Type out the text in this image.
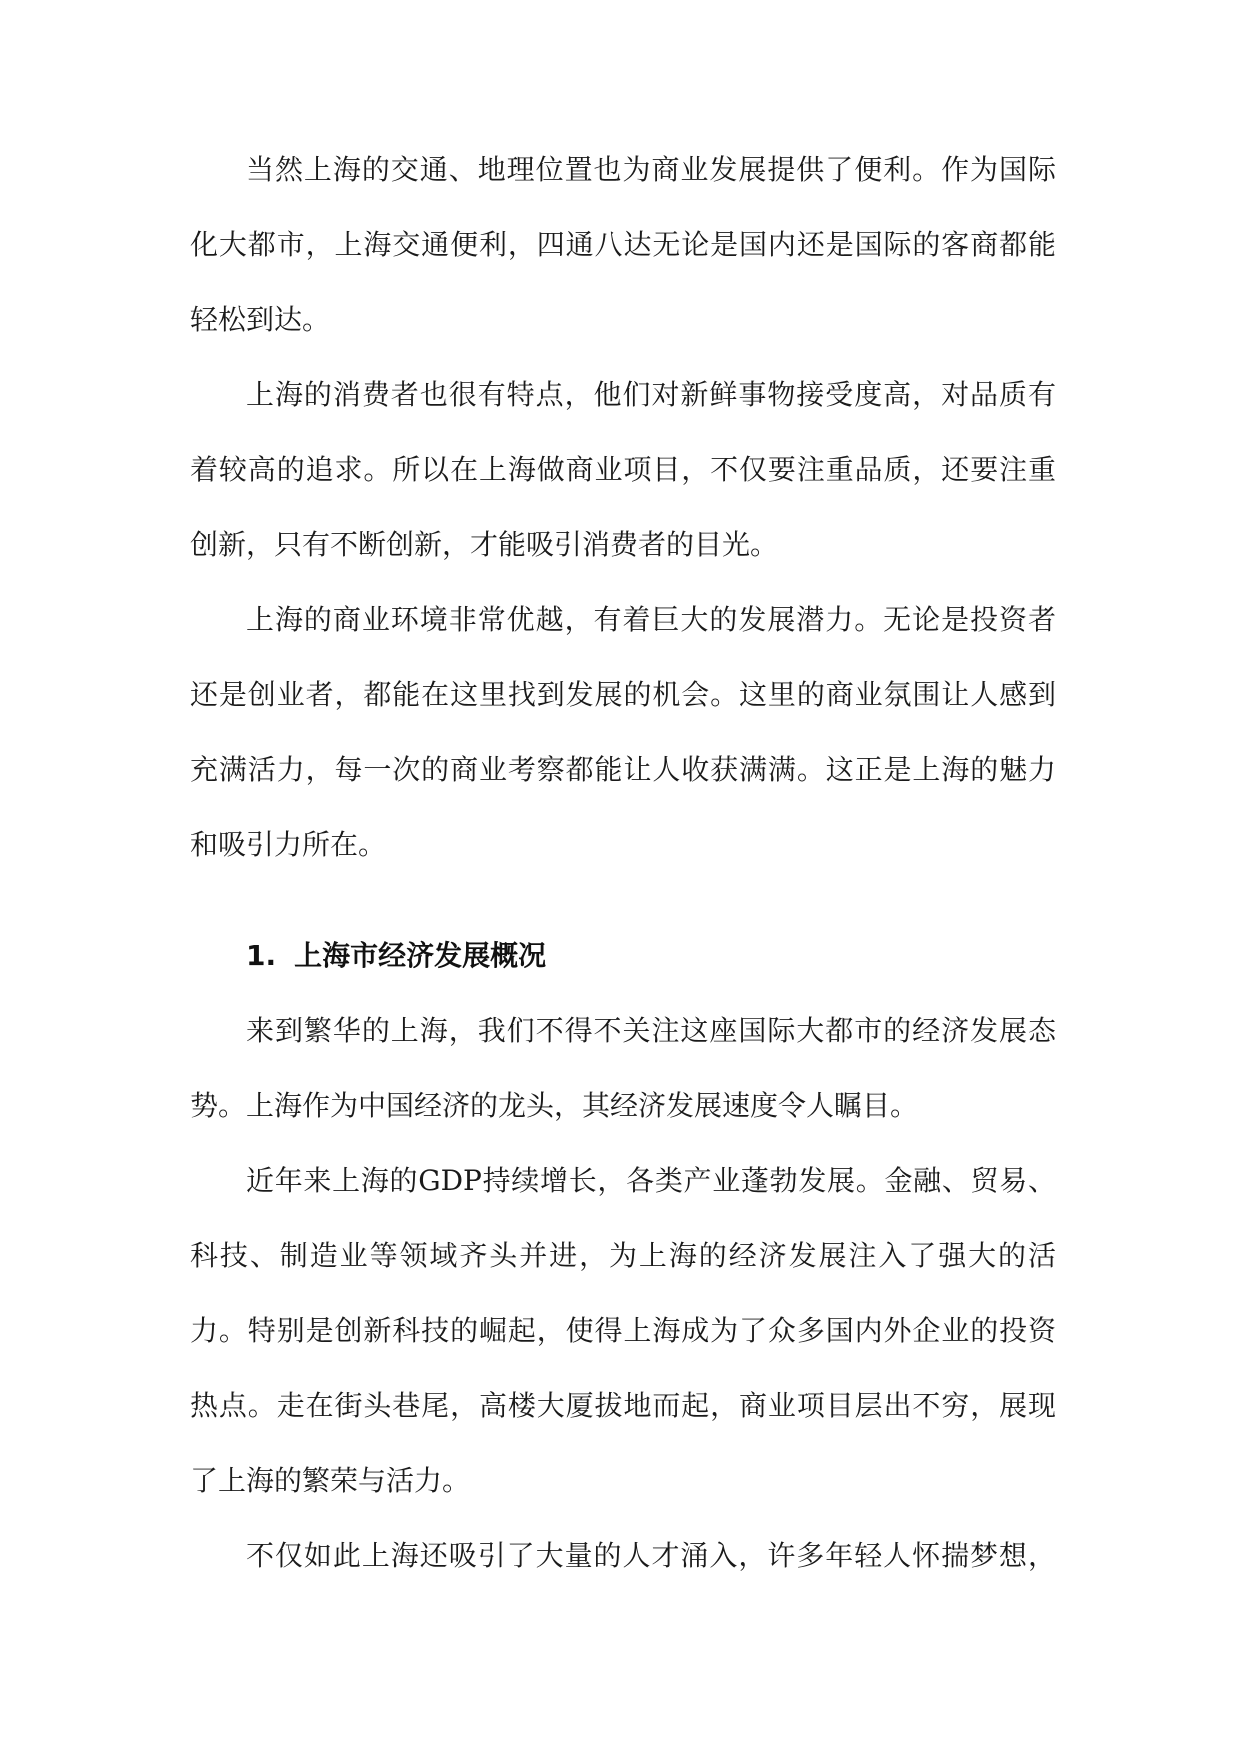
当然上海的交通、地理位置也为商业发展提供了便利。作为国际化大都市，上海交通便利，四通八达无论是国内还是国际的客商都能轻松到达。

上海的消费者也很有特点，他们对新鲜事物接受度高，对品质有着较高的追求。所以在上海做商业项目，不仅要注重品质，还要注重创新，只有不断创新，才能吸引消费者的目光。

上海的商业环境非常优越，有着巨大的发展潜力。无论是投资者还是创业者，都能在这里找到发展的机会。这里的商业氛围让人感到充满活力，每一次的商业考察都能让人收获满满。这正是上海的魅力和吸引力所在。

1. 上海市经济发展概况

来到繁华的上海，我们不得不关注这座国际大都市的经济发展态势。上海作为中国经济的龙头，其经济发展速度令人瞩目。

近年来上海的GDP持续增长，各类产业蓬勃发展。金融、贸易、科技、制造业等领域齐头并进，为上海的经济发展注入了强大的活力。特别是创新科技的崛起，使得上海成为了众多国内外企业的投资热点。走在街头巷尾，高楼大厦拔地而起，商业项目层出不穷，展现了上海的繁荣与活力。

不仅如此上海还吸引了大量的人才涌入，许多年轻人怀揣梦想，
